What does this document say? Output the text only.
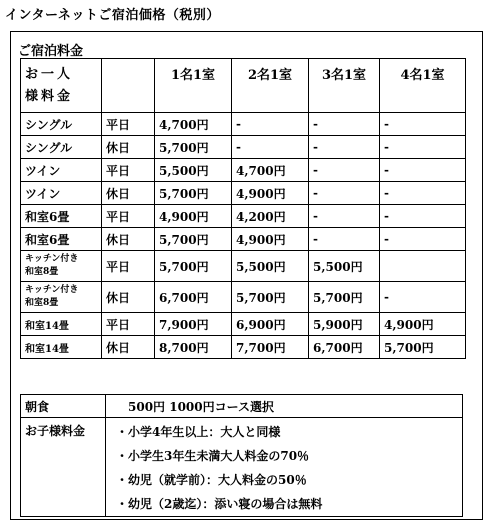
インターネットご宿泊価格（税別）
ご宿泊料金
お一人様料金		1名1室	2名1室	3名1室	4名1室
シングル	平日	4,700円	-	-	-
シングル	休日	5,700円	-	-	-
ツイン	平日	5,500円	4,700円	-	-
ツイン	休日	5,700円	4,900円	-	-
和室6畳	平日	4,900円	4,200円	-	-
和室6畳	休日	5,700円	4,900円	-	-

キッチン付き
和室8畳	平日	5,700円	5,500円	5,500円	

キッチン付き
和室8畳	休日	6,700円	5,700円	5,700円	-
和室14畳	平日	7,900円	6,900円	5,900円	4,900円
和室14畳	休日	8,700円	7,700円	6,700円	5,700円
朝食	500円 1000円コース選択
お子様料金	・小学4年生以上：大人と同様
・小学生3年生未満大人料金の70％
・幼児（就学前）：大人料金の50％
・幼児（2歳迄）：添い寝の場合は無料
